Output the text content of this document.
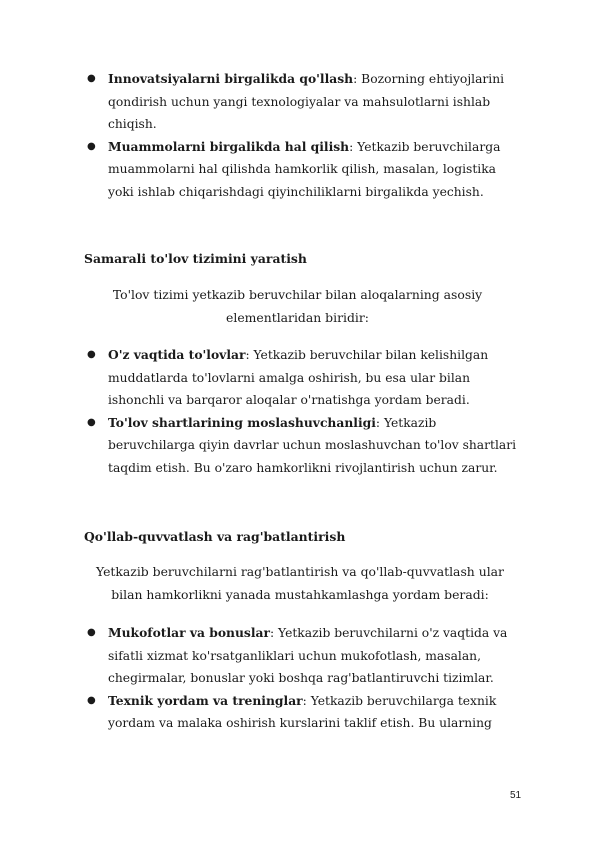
● Innovatsiyalarni birgalikda qo'llash: Bozorning ehtiyojlarini qondirish uchun yangi texnologiyalar va mahsulotlarni ishlab chiqish.
● Muammolarni birgalikda hal qilish: Yetkazib beruvchilarga muammolarni hal qilishda hamkorlik qilish, masalan, logistika yoki ishlab chiqarishdagi qiyinchiliklarni birgalikda yechish.
Samarali to'lov tizimini yaratish
To'lov tizimi yetkazib beruvchilar bilan aloqalarning asosiy elementlaridan biridir:
● O'z vaqtida to'lovlar: Yetkazib beruvchilar bilan kelishilgan muddatlarda to'lovlarni amalga oshirish, bu esa ular bilan ishonchli va barqaror aloqalar o'rnatishga yordam beradi.
● To'lov shartlarining moslashuvchanligi: Yetkazib beruvchilarga qiyin davrlar uchun moslashuvchan to'lov shartlari taqdim etish. Bu o'zaro hamkorlikni rivojlantirish uchun zarur.
Qo'llab-quvvatlash va rag'batlantirish
Yetkazib beruvchilarni rag'batlantirish va qo'llab-quvvatlash ular bilan hamkorlikni yanada mustahkamlashga yordam beradi:
● Mukofotlar va bonuslar: Yetkazib beruvchilarni o'z vaqtida va sifatli xizmat ko'rsatganliklari uchun mukofotlash, masalan, chegirmalar, bonuslar yoki boshqa rag'batlantiruvchi tizimlar.
● Texnik yordam va treninglar: Yetkazib beruvchilarga texnik yordam va malaka oshirish kurslarini taklif etish. Bu ularning
51
